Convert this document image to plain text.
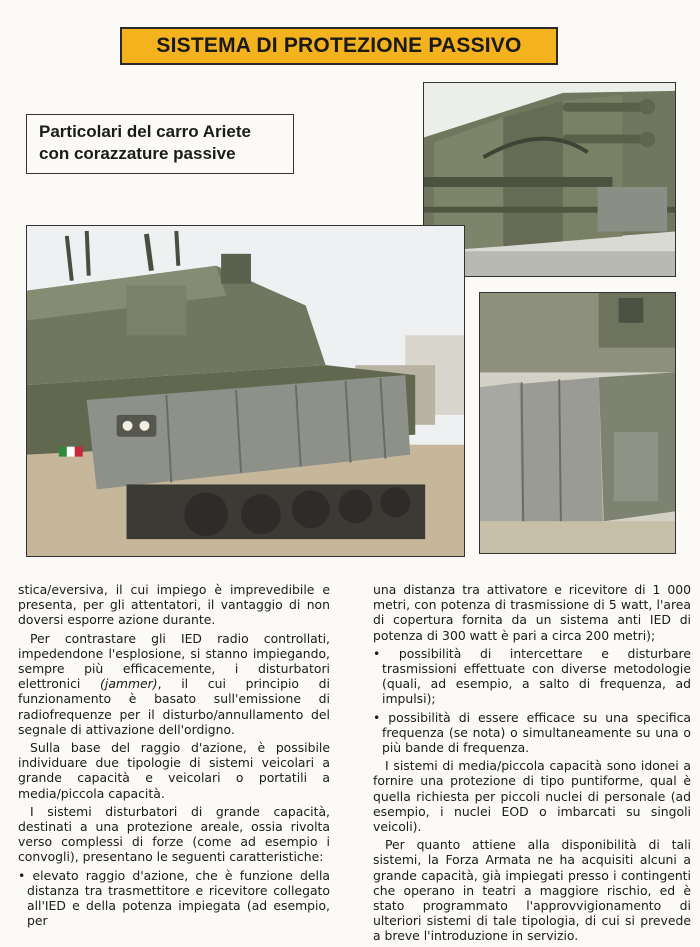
SISTEMA DI PROTEZIONE PASSIVO
Particolari del carro Ariete
con corazzature passive

stica/eversiva, il cui impiego è imprevedibile e presenta, per gli attentatori, il vantaggio di non doversi esporre azione durante.

Per contrastare gli IED radio controllati, impedendone l'esplosione, si stanno impiegando, sempre più efficacemente, i disturbatori elettronici (jammer), il cui principio di funzionamento è basato sull'emissione di radiofrequenze per il disturbo/annullamento del segnale di attivazione dell'ordigno.

Sulla base del raggio d'azione, è possibile individuare due tipologie di sistemi veicolari a grande capacità e veicolari o portatili a media/piccola capacità.

I sistemi disturbatori di grande capacità, destinati a una protezione areale, ossia rivolta verso complessi di forze (come ad esempio i convogli), presentano le seguenti caratteristiche:

• elevato raggio d'azione, che è funzione della distanza tra trasmettitore e ricevitore collegato all'IED e della potenza impiegata (ad esempio, per

una distanza tra attivatore e ricevitore di 1 000 metri, con potenza di trasmissione di 5 watt, l'area di copertura fornita da un sistema anti IED di potenza di 300 watt è pari a circa 200 metri);

• possibilità di intercettare e disturbare trasmissioni effettuate con diverse metodologie (quali, ad esempio, a salto di frequenza, ad impulsi);

• possibilità di essere efficace su una specifica frequenza (se nota) o simultaneamente su una o più bande di frequenza.

I sistemi di media/piccola capacità sono idonei a fornire una protezione di tipo puntiforme, qual è quella richiesta per piccoli nuclei di personale (ad esempio, i nuclei EOD o imbarcati su singoli veicoli).

Per quanto attiene alla disponibilità di tali sistemi, la Forza Armata ne ha acquisiti alcuni a grande capacità, già impiegati presso i contingenti che operano in teatri a maggiore rischio, ed è stato programmato l'approvvigionamento di ulteriori sistemi di tale tipologia, di cui si prevede a breve l'introduzione in servizio.
